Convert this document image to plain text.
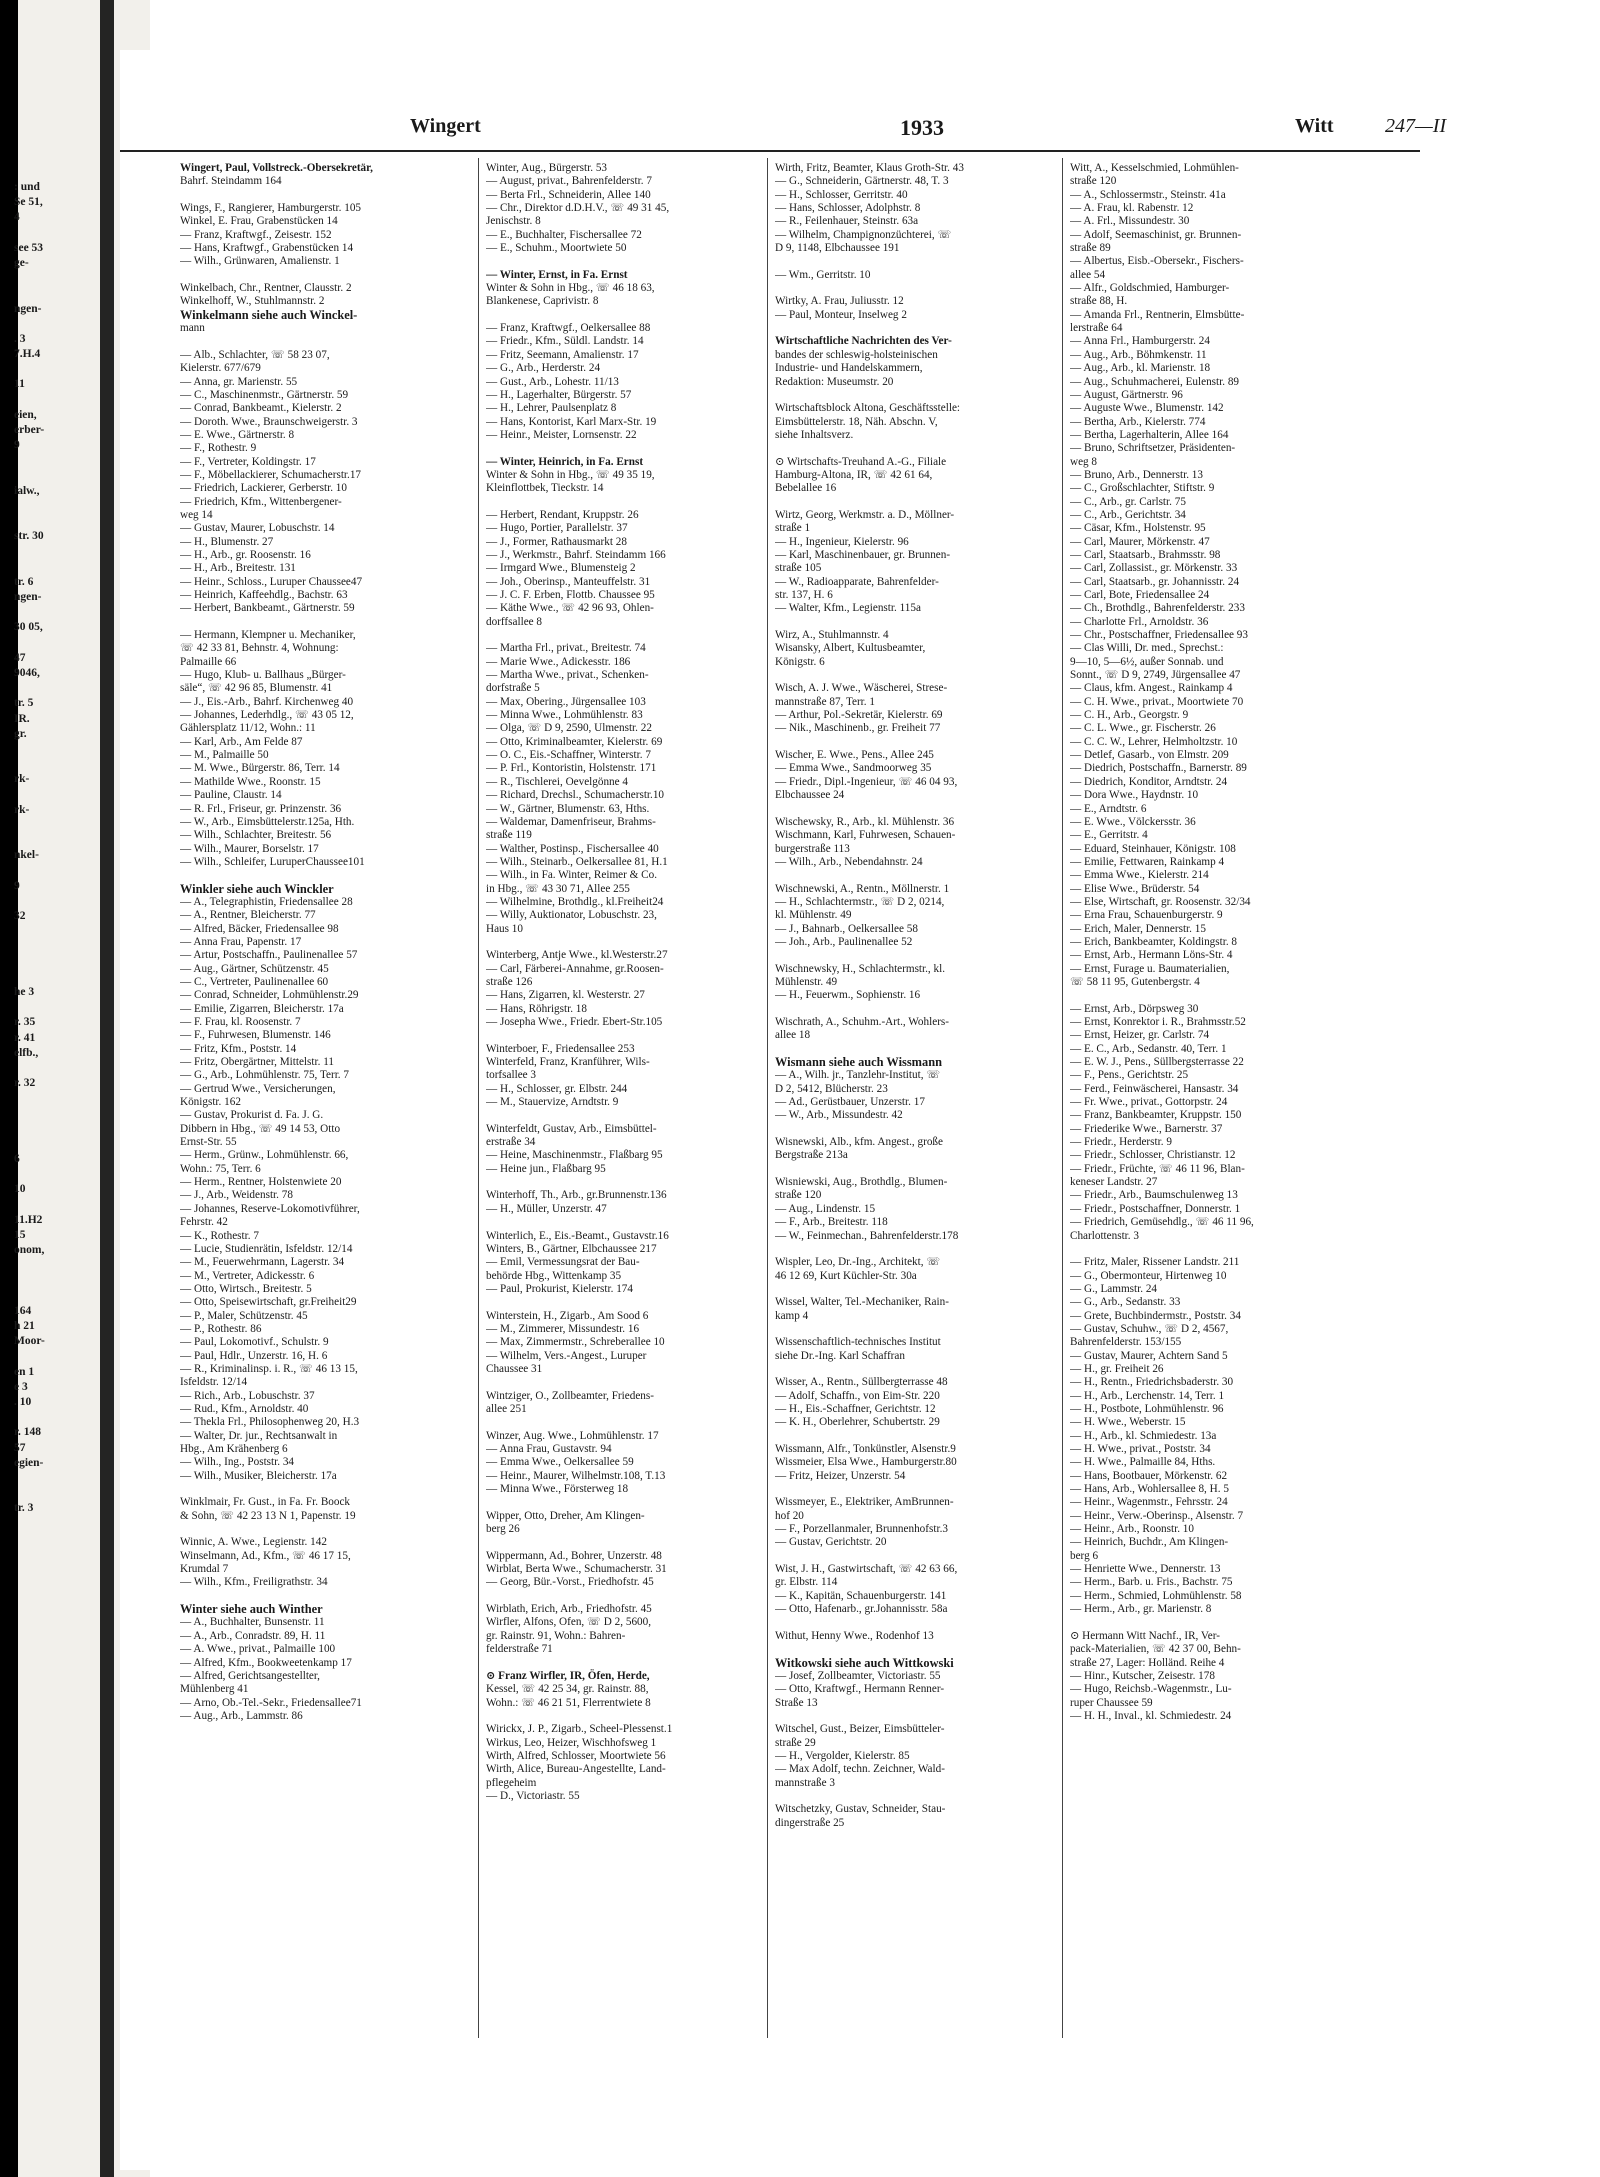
: und
Se 51,
4
see 53
ge-
ngen-
. 3
7.H.4
11
eien,
erber-
9
ialw.,
str. 30
tr. 6
ngen-
30 05,
47
9046,
tr. 5
IR.
gr.
rk-
rk-
nkel-
9
32
he 3
r. 35
r. 41
elfb.,
r. 32
6
10
11.H2
15
onom,
164
h 21
Moor-
en 1
e 3
. 10
r. 148
57
egien-
tr. 3
Wingert	1933	Witt	247—II
Wingert, Paul, Vollstreck.-Obersekretär,
Bahrf. Steindamm 164
Wings, F., Rangierer, Hamburgerstr. 105
Winkel, E. Frau, Grabenstücken 14
— Franz, Kraftwgf., Zeisestr. 152
— Hans, Kraftwgf., Grabenstücken 14
— Wilh., Grünwaren, Amalienstr. 1
Winkelbach, Chr., Rentner, Clausstr. 2
Winkelhoff, W., Stuhlmannstr. 2
Winkelmann siehe auch Winckel-
mann
— Alb., Schlachter, ☏ 58 23 07,
Kielerstr. 677/679
— Anna, gr. Marienstr. 55
— C., Maschinenmstr., Gärtnerstr. 59
— Conrad, Bankbeamt., Kielerstr. 2
— Doroth. Wwe., Braunschweigerstr. 3
— E. Wwe., Gärtnerstr. 8
— F., Rothestr. 9
— F., Vertreter, Koldingstr. 17
— F., Möbellackierer, Schumacherstr.17
— Friedrich, Lackierer, Gerberstr. 10
— Friedrich, Kfm., Wittenbergener-
weg 14
— Gustav, Maurer, Lobuschstr. 14
— H., Blumenstr. 27
— H., Arb., gr. Roosenstr. 16
— H., Arb., Breitestr. 131
— Heinr., Schloss., Luruper Chaussee47
— Heinrich, Kaffeehdlg., Bachstr. 63
— Herbert, Bankbeamt., Gärtnerstr. 59
— Hermann, Klempner u. Mechaniker,
☏ 42 33 81, Behnstr. 4, Wohnung:
Palmaille 66
— Hugo, Klub- u. Ballhaus „Bürger-
säle“, ☏ 42 96 85, Blumenstr. 41
— J., Eis.-Arb., Bahrf. Kirchenweg 40
— Johannes, Lederhdlg., ☏ 43 05 12,
Gählersplatz 11/12, Wohn.: 11
— Karl, Arb., Am Felde 87
— M., Palmaille 50
— M. Wwe., Bürgerstr. 86, Terr. 14
— Mathilde Wwe., Roonstr. 15
— Pauline, Claustr. 14
— R. Frl., Friseur, gr. Prinzenstr. 36
— W., Arb., Eimsbüttelerstr.125a, Hth.
— Wilh., Schlachter, Breitestr. 56
— Wilh., Maurer, Borselstr. 17
— Wilh., Schleifer, LuruperChaussee101
Winkler siehe auch Winckler
— A., Telegraphistin, Friedensallee 28
— A., Rentner, Bleicherstr. 77
— Alfred, Bäcker, Friedensallee 98
— Anna Frau, Papenstr. 17
— Artur, Postschaffn., Paulinenallee 57
— Aug., Gärtner, Schützenstr. 45
— C., Vertreter, Paulinenallee 60
— Conrad, Schneider, Lohmühlenstr.29
— Emilie, Zigarren, Bleicherstr. 17a
— F. Frau, kl. Roosenstr. 7
— F., Fuhrwesen, Blumenstr. 146
— Fritz, Kfm., Poststr. 14
— Fritz, Obergärtner, Mittelstr. 11
— G., Arb., Lohmühlenstr. 75, Terr. 7
— Gertrud Wwe., Versicherungen,
Königstr. 162
— Gustav, Prokurist d. Fa. J. G.
Dibbern in Hbg., ☏ 49 14 53, Otto
Ernst-Str. 55
— Herm., Grünw., Lohmühlenstr. 66,
Wohn.: 75, Terr. 6
— Herm., Rentner, Holstenwiete 20
— J., Arb., Weidenstr. 78
— Johannes, Reserve-Lokomotivführer,
Fehrstr. 42
— K., Rothestr. 7
— Lucie, Studienrätin, Isfeldstr. 12/14
— M., Feuerwehrmann, Lagerstr. 34
— M., Vertreter, Adickesstr. 6
— Otto, Wirtsch., Breitestr. 5
— Otto, Speisewirtschaft, gr.Freiheit29
— P., Maler, Schützenstr. 45
— P., Rothestr. 86
— Paul, Lokomotivf., Schulstr. 9
— Paul, Hdlr., Unzerstr. 16, H. 6
— R., Kriminalinsp. i. R., ☏ 46 13 15,
Isfeldstr. 12/14
— Rich., Arb., Lobuschstr. 37
— Rud., Kfm., Arnoldstr. 40
— Thekla Frl., Philosophenweg 20, H.3
— Walter, Dr. jur., Rechtsanwalt in
Hbg., Am Krähenberg 6
— Wilh., Ing., Poststr. 34
— Wilh., Musiker, Bleicherstr. 17a
Winklmair, Fr. Gust., in Fa. Fr. Boock
& Sohn, ☏ 42 23 13 N 1, Papenstr. 19
Winnic, A. Wwe., Legienstr. 142
Winselmann, Ad., Kfm., ☏ 46 17 15,
Krumdal 7
— Wilh., Kfm., Freiligrathstr. 34
Winter siehe auch Winther
— A., Buchhalter, Bunsenstr. 11
— A., Arb., Conradstr. 89, H. 11
— A. Wwe., privat., Palmaille 100
— Alfred, Kfm., Bookweetenkamp 17
— Alfred, Gerichtsangestellter,
Mühlenberg 41
— Arno, Ob.-Tel.-Sekr., Friedensallee71
— Aug., Arb., Lammstr. 86
Winter, Aug., Bürgerstr. 53
— August, privat., Bahrenfelderstr. 7
— Berta Frl., Schneiderin, Allee 140
— Chr., Direktor d.D.H.V., ☏ 49 31 45,
Jenischstr. 8
— E., Buchhalter, Fischersallee 72
— E., Schuhm., Moortwiete 50
— Winter, Ernst, in Fa. Ernst
Winter & Sohn in Hbg., ☏ 46 18 63,
Blankenese, Caprivistr. 8
— Franz, Kraftwgf., Oelkersallee 88
— Friedr., Kfm., Süldl. Landstr. 14
— Fritz, Seemann, Amalienstr. 17
— G., Arb., Herderstr. 24
— Gust., Arb., Lohestr. 11/13
— H., Lagerhalter, Bürgerstr. 57
— H., Lehrer, Paulsenplatz 8
— Hans, Kontorist, Karl Marx-Str. 19
— Heinr., Meister, Lornsenstr. 22
— Winter, Heinrich, in Fa. Ernst
Winter & Sohn in Hbg., ☏ 49 35 19,
Kleinflottbek, Tieckstr. 14
— Herbert, Rendant, Kruppstr. 26
— Hugo, Portier, Parallelstr. 37
— J., Former, Rathausmarkt 28
— J., Werkmstr., Bahrf. Steindamm 166
— Irmgard Wwe., Blumensteig 2
— Joh., Oberinsp., Manteuffelstr. 31
— J. C. F. Erben, Flottb. Chaussee 95
— Käthe Wwe., ☏ 42 96 93, Ohlen-
dorffsallee 8
— Martha Frl., privat., Breitestr. 74
— Marie Wwe., Adickesstr. 186
— Martha Wwe., privat., Schenken-
dorfstraße 5
— Max, Obering., Jürgensallee 103
— Minna Wwe., Lohmühlenstr. 83
— Olga, ☏ D 9, 2590, Ulmenstr. 22
— Otto, Kriminalbeamter, Kielerstr. 69
— O. C., Eis.-Schaffner, Winterstr. 7
— P. Frl., Kontoristin, Holstenstr. 171
— R., Tischlerei, Oevelgönne 4
— Richard, Drechsl., Schumacherstr.10
— W., Gärtner, Blumenstr. 63, Hths.
— Waldemar, Damenfriseur, Brahms-
straße 119
— Walther, Postinsp., Fischersallee 40
— Wilh., Steinarb., Oelkersallee 81, H.1
— Wilh., in Fa. Winter, Reimer & Co.
in Hbg., ☏ 43 30 71, Allee 255
— Wilhelmine, Brothdlg., kl.Freiheit24
— Willy, Auktionator, Lobuschstr. 23,
Haus 10
Winterberg, Antje Wwe., kl.Westerstr.27
— Carl, Färberei-Annahme, gr.Roosen-
straße 126
— Hans, Zigarren, kl. Westerstr. 27
— Hans, Röhrigstr. 18
— Josepha Wwe., Friedr. Ebert-Str.105
Winterboer, F., Friedensallee 253
Winterfeld, Franz, Kranführer, Wils-
torfsallee 3
— H., Schlosser, gr. Elbstr. 244
— M., Stauervize, Arndtstr. 9
Winterfeldt, Gustav, Arb., Eimsbüttel-
erstraße 34
— Heine, Maschinenmstr., Flaßbarg 95
— Heine jun., Flaßbarg 95
Winterhoff, Th., Arb., gr.Brunnenstr.136
— H., Müller, Unzerstr. 47
Winterlich, E., Eis.-Beamt., Gustavstr.16
Winters, B., Gärtner, Elbchaussee 217
— Emil, Vermessungsrat der Bau-
behörde Hbg., Wittenkamp 35
— Paul, Prokurist, Kielerstr. 174
Winterstein, H., Zigarb., Am Sood 6
— M., Zimmerer, Missundestr. 16
— Max, Zimmermstr., Schreberallee 10
— Wilhelm, Vers.-Angest., Luruper
Chaussee 31
Wintziger, O., Zollbeamter, Friedens-
allee 251
Winzer, Aug. Wwe., Lohmühlenstr. 17
— Anna Frau, Gustavstr. 94
— Emma Wwe., Oelkersallee 59
— Heinr., Maurer, Wilhelmstr.108, T.13
— Minna Wwe., Försterweg 18
Wipper, Otto, Dreher, Am Klingen-
berg 26
Wippermann, Ad., Bohrer, Unzerstr. 48
Wirblat, Berta Wwe., Schumacherstr. 31
— Georg, Bür.-Vorst., Friedhofstr. 45
Wirblath, Erich, Arb., Friedhofstr. 45
Wirfler, Alfons, Ofen, ☏ D 2, 5600,
gr. Rainstr. 91, Wohn.: Bahren-
felderstraße 71
⊙ Franz Wirfler, IR, Öfen, Herde,
Kessel, ☏ 42 25 34, gr. Rainstr. 88,
Wohn.: ☏ 46 21 51, Flerrentwiete 8
Wirickx, J. P., Zigarb., Scheel-Plessenst.1
Wirkus, Leo, Heizer, Wischhofsweg 1
Wirth, Alfred, Schlosser, Moortwiete 56
Wirth, Alice, Bureau-Angestellte, Land-
pflegeheim
— D., Victoriastr. 55
Wirth, Fritz, Beamter, Klaus Groth-Str. 43
— G., Schneiderin, Gärtnerstr. 48, T. 3
— H., Schlosser, Gerritstr. 40
— Hans, Schlosser, Adolphstr. 8
— R., Feilenhauer, Steinstr. 63a
— Wilhelm, Champignonzüchterei, ☏
D 9, 1148, Elbchaussee 191
— Wm., Gerritstr. 10
Wirtky, A. Frau, Juliusstr. 12
— Paul, Monteur, Inselweg 2
Wirtschaftliche Nachrichten des Ver-
bandes der schleswig-holsteinischen
Industrie- und Handelskammern,
Redaktion: Museumstr. 20
Wirtschaftsblock Altona, Geschäftsstelle:
Eimsbüttelerstr. 18, Näh. Abschn. V,
siehe Inhaltsverz.
⊙ Wirtschafts-Treuhand A.-G., Filiale
Hamburg-Altona, IR, ☏ 42 61 64,
Bebelallee 16
Wirtz, Georg, Werkmstr. a. D., Möllner-
straße 1
— H., Ingenieur, Kielerstr. 96
— Karl, Maschinenbauer, gr. Brunnen-
straße 105
— W., Radioapparate, Bahrenfelder-
str. 137, H. 6
— Walter, Kfm., Legienstr. 115a
Wirz, A., Stuhlmannstr. 4
Wisansky, Albert, Kultusbeamter,
Königstr. 6
Wisch, A. J. Wwe., Wäscherei, Strese-
mannstraße 87, Terr. 1
— Arthur, Pol.-Sekretär, Kielerstr. 69
— Nik., Maschinenb., gr. Freiheit 77
Wischer, E. Wwe., Pens., Allee 245
— Emma Wwe., Sandmoorweg 35
— Friedr., Dipl.-Ingenieur, ☏ 46 04 93,
Elbchaussee 24
Wischewsky, R., Arb., kl. Mühlenstr. 36
Wischmann, Karl, Fuhrwesen, Schauen-
burgerstraße 113
— Wilh., Arb., Nebendahnstr. 24
Wischnewski, A., Rentn., Möllnerstr. 1
— H., Schlachtermstr., ☏ D 2, 0214,
kl. Mühlenstr. 49
— J., Bahnarb., Oelkersallee 58
— Joh., Arb., Paulinenallee 52
Wischnewsky, H., Schlachtermstr., kl.
Mühlenstr. 49
— H., Feuerwm., Sophienstr. 16
Wischrath, A., Schuhm.-Art., Wohlers-
allee 18
Wismann siehe auch Wissmann
— A., Wilh. jr., Tanzlehr-Institut, ☏
D 2, 5412, Blücherstr. 23
— Ad., Gerüstbauer, Unzerstr. 17
— W., Arb., Missundestr. 42
Wisnewski, Alb., kfm. Angest., große
Bergstraße 213a
Wisniewski, Aug., Brothdlg., Blumen-
straße 120
— Aug., Lindenstr. 15
— F., Arb., Breitestr. 118
— W., Feinmechan., Bahrenfelderstr.178
Wispler, Leo, Dr.-Ing., Architekt, ☏
46 12 69, Kurt Küchler-Str. 30a
Wissel, Walter, Tel.-Mechaniker, Rain-
kamp 4
Wissenschaftlich-technisches Institut
siehe Dr.-Ing. Karl Schaffran
Wisser, A., Rentn., Süllbergterrasse 48
— Adolf, Schaffn., von Eim-Str. 220
— H., Eis.-Schaffner, Gerichtstr. 12
— K. H., Oberlehrer, Schubertstr. 29
Wissmann, Alfr., Tonkünstler, Alsenstr.9
Wissmeier, Elsa Wwe., Hamburgerstr.80
— Fritz, Heizer, Unzerstr. 54
Wissmeyer, E., Elektriker, AmBrunnen-
hof 20
— F., Porzellanmaler, Brunnenhofstr.3
— Gustav, Gerichtstr. 20
Wist, J. H., Gastwirtschaft, ☏ 42 63 66,
gr. Elbstr. 114
— K., Kapitän, Schauenburgerstr. 141
— Otto, Hafenarb., gr.Johannisstr. 58a
Withut, Henny Wwe., Rodenhof 13
Witkowski siehe auch Wittkowski
— Josef, Zollbeamter, Victoriastr. 55
— Otto, Kraftwgf., Hermann Renner-
Straße 13
Witschel, Gust., Beizer, Eimsbütteler-
straße 29
— H., Vergolder, Kielerstr. 85
— Max Adolf, techn. Zeichner, Wald-
mannstraße 3
Witschetzky, Gustav, Schneider, Stau-
dingerstraße 25
Witt, A., Kesselschmied, Lohmühlen-
straße 120
— A., Schlossermstr., Steinstr. 41a
— A. Frau, kl. Rabenstr. 12
— A. Frl., Missundestr. 30
— Adolf, Seemaschinist, gr. Brunnen-
straße 89
— Albertus, Eisb.-Obersekr., Fischers-
allee 54
— Alfr., Goldschmied, Hamburger-
straße 88, H.
— Amanda Frl., Rentnerin, Elmsbütte-
lerstraße 64
— Anna Frl., Hamburgerstr. 24
— Aug., Arb., Böhmkenstr. 11
— Aug., Arb., kl. Marienstr. 18
— Aug., Schuhmacherei, Eulenstr. 89
— August, Gärtnerstr. 96
— Auguste Wwe., Blumenstr. 142
— Bertha, Arb., Kielerstr. 774
— Bertha, Lagerhalterin, Allee 164
— Bruno, Schriftsetzer, Präsidenten-
weg 8
— Bruno, Arb., Dennerstr. 13
— C., Großschlachter, Stiftstr. 9
— C., Arb., gr. Carlstr. 75
— C., Arb., Gerichtstr. 34
— Cäsar, Kfm., Holstenstr. 95
— Carl, Maurer, Mörkenstr. 47
— Carl, Staatsarb., Brahmsstr. 98
— Carl, Zollassist., gr. Mörkenstr. 33
— Carl, Staatsarb., gr. Johannisstr. 24
— Carl, Bote, Friedensallee 24
— Ch., Brothdlg., Bahrenfelderstr. 233
— Charlotte Frl., Arnoldstr. 36
— Chr., Postschaffner, Friedensallee 93
— Clas Willi, Dr. med., Sprechst.:
9—10, 5—6½, außer Sonnab. und
Sonnt., ☏ D 9, 2749, Jürgensallee 47
— Claus, kfm. Angest., Rainkamp 4
— C. H. Wwe., privat., Moortwiete 70
— C. H., Arb., Georgstr. 9
— C. L. Wwe., gr. Fischerstr. 26
— C. C. W., Lehrer, Helmholtzstr. 10
— Detlef, Gasarb., von Elmstr. 209
— Diedrich, Postschaffn., Barnerstr. 89
— Diedrich, Konditor, Arndtstr. 24
— Dora Wwe., Haydnstr. 10
— E., Arndtstr. 6
— E. Wwe., Völckersstr. 36
— E., Gerritstr. 4
— Eduard, Steinhauer, Königstr. 108
— Emilie, Fettwaren, Rainkamp 4
— Emma Wwe., Kielerstr. 214
— Elise Wwe., Brüderstr. 54
— Else, Wirtschaft, gr. Roosenstr. 32/34
— Erna Frau, Schauenburgerstr. 9
— Erich, Maler, Dennerstr. 15
— Erich, Bankbeamter, Koldingstr. 8
— Ernst, Arb., Hermann Löns-Str. 4
— Ernst, Furage u. Baumaterialien,
☏ 58 11 95, Gutenbergstr. 4
— Ernst, Arb., Dörpsweg 30
— Ernst, Konrektor i. R., Brahmsstr.52
— Ernst, Heizer, gr. Carlstr. 74
— E. C., Arb., Sedanstr. 40, Terr. 1
— E. W. J., Pens., Süllbergsterrasse 22
— F., Pens., Gerichtstr. 25
— Ferd., Feinwäscherei, Hansastr. 34
— Fr. Wwe., privat., Gottorpstr. 24
— Franz, Bankbeamter, Kruppstr. 150
— Friederike Wwe., Barnerstr. 37
— Friedr., Herderstr. 9
— Friedr., Schlosser, Christianstr. 12
— Friedr., Früchte, ☏ 46 11 96, Blan-
keneser Landstr. 27
— Friedr., Arb., Baumschulenweg 13
— Friedr., Postschaffner, Donnerstr. 1
— Friedrich, Gemüsehdlg., ☏ 46 11 96,
Charlottenstr. 3
— Fritz, Maler, Rissener Landstr. 211
— G., Obermonteur, Hirtenweg 10
— G., Lammstr. 24
— G., Arb., Sedanstr. 33
— Grete, Buchbindermstr., Poststr. 34
— Gustav, Schuhw., ☏ D 2, 4567,
Bahrenfelderstr. 153/155
— Gustav, Maurer, Achtern Sand 5
— H., gr. Freiheit 26
— H., Rentn., Friedrichsbaderstr. 30
— H., Arb., Lerchenstr. 14, Terr. 1
— H., Postbote, Lohmühlenstr. 96
— H. Wwe., Weberstr. 15
— H., Arb., kl. Schmiedestr. 13a
— H. Wwe., privat., Poststr. 34
— H. Wwe., Palmaille 84, Hths.
— Hans, Bootbauer, Mörkenstr. 62
— Hans, Arb., Wohlersallee 8, H. 5
— Heinr., Wagenmstr., Fehrsstr. 24
— Heinr., Verw.-Oberinsp., Alsenstr. 7
— Heinr., Arb., Roonstr. 10
— Heinrich, Buchdr., Am Klingen-
berg 6
— Henriette Wwe., Dennerstr. 13
— Herm., Barb. u. Fris., Bachstr. 75
— Herm., Schmied, Lohmühlenstr. 58
— Herm., Arb., gr. Marienstr. 8
⊙ Hermann Witt Nachf., IR, Ver-
pack-Materialien, ☏ 42 37 00, Behn-
straße 27, Lager: Holländ. Reihe 4
— Hinr., Kutscher, Zeisestr. 178
— Hugo, Reichsb.-Wagenmstr., Lu-
ruper Chaussee 59
— H. H., Inval., kl. Schmiedestr. 24
